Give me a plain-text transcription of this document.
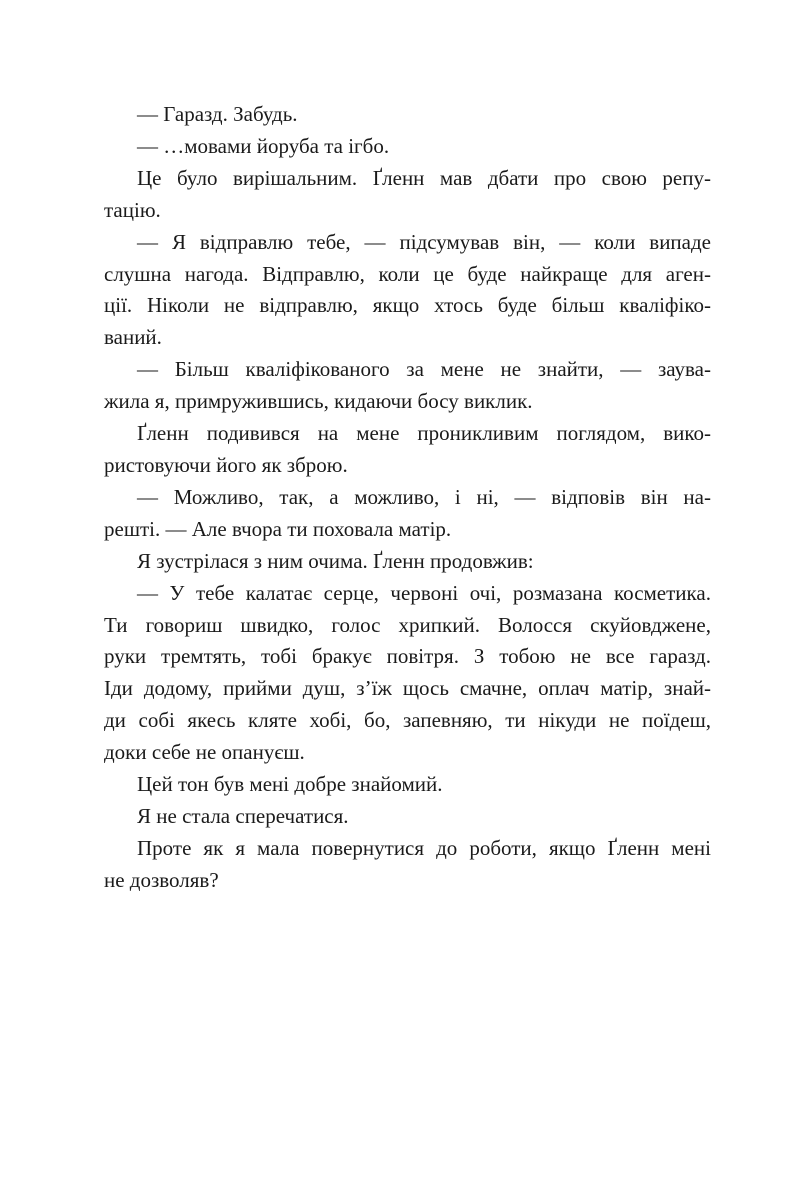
— Гаразд. Забудь.
— …мовами йоруба та ігбо.
Це було вирішальним. Ґленн мав дбати про свою репу-
тацію.
— Я відправлю тебе, — підсумував він, — коли випаде
слушна нагода. Відправлю, коли це буде найкраще для аген-
ції. Ніколи не відправлю, якщо хтось буде більш кваліфіко-
ваний.
— Більш кваліфікованого за мене не знайти, — заува-
жила я, примружившись, кидаючи босу виклик.
Ґленн подивився на мене проникливим поглядом, вико-
ристовуючи його як зброю.
— Можливо, так, а можливо, і ні, — відповів він на-
решті. — Але вчора ти поховала матір.
Я зустрілася з ним очима. Ґленн продовжив:
— У тебе калатає серце, червоні очі, розмазана косметика.
Ти говориш швидко, голос хрипкий. Волосся скуйовджене,
руки тремтять, тобі бракує повітря. З тобою не все гаразд.
Іди додому, прийми душ, з’їж щось смачне, оплач матір, знай-
ди собі якесь кляте хобі, бо, запевняю, ти нікуди не поїдеш,
доки себе не опануєш.
Цей тон був мені добре знайомий.
Я не стала сперечатися.
Проте як я мала повернутися до роботи, якщо Ґленн мені
не дозволяв?
